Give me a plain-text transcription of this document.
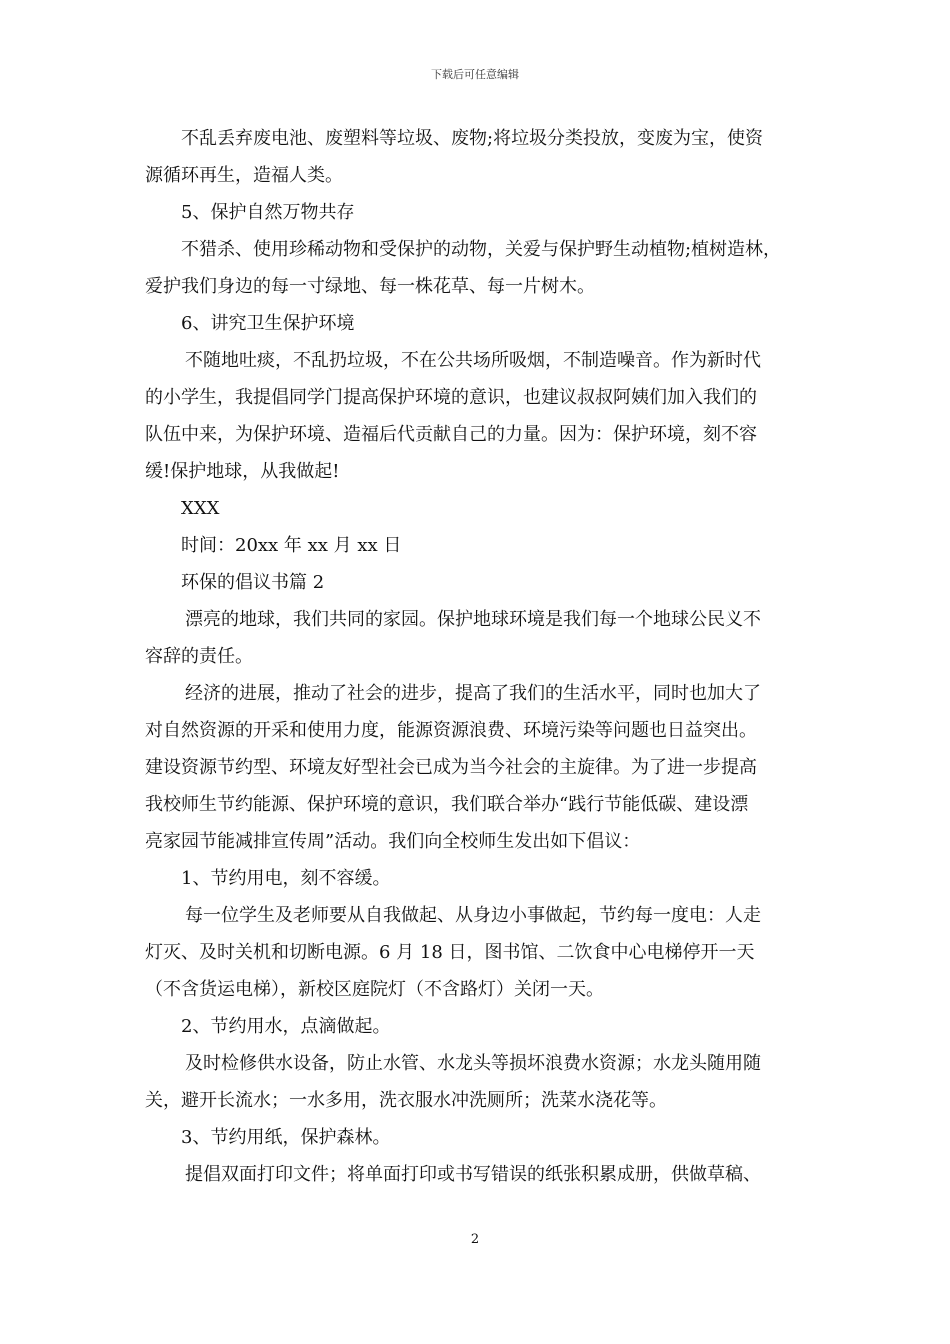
下载后可任意编辑
不乱丢弃废电池、废塑料等垃圾、废物;将垃圾分类投放，变废为宝，使资
源循环再生，造福人类。
5、保护自然万物共存
不猎杀、使用珍稀动物和受保护的动物，关爱与保护野生动植物;植树造林，
爱护我们身边的每一寸绿地、每一株花草、每一片树木。
6、讲究卫生保护环境
不随地吐痰，不乱扔垃圾，不在公共场所吸烟，不制造噪音。作为新时代
的小学生，我提倡同学门提高保护环境的意识，也建议叔叔阿姨们加入我们的
队伍中来，为保护环境、造福后代贡献自己的力量。因为：保护环境，刻不容
缓!保护地球，从我做起!
XXX
时间：20xx 年 xx 月 xx 日
环保的倡议书篇 2
漂亮的地球，我们共同的家园。保护地球环境是我们每一个地球公民义不
容辞的责任。
经济的进展，推动了社会的进步，提高了我们的生活水平，同时也加大了
对自然资源的开采和使用力度，能源资源浪费、环境污染等问题也日益突出。
建设资源节约型、环境友好型社会已成为当今社会的主旋律。为了进一步提高
我校师生节约能源、保护环境的意识，我们联合举办“践行节能低碳、建设漂
亮家园节能减排宣传周”活动。我们向全校师生发出如下倡议：
1、节约用电，刻不容缓。
每一位学生及老师要从自我做起、从身边小事做起，节约每一度电：人走
灯灭、及时关机和切断电源。6 月 18 日，图书馆、二饮食中心电梯停开一天
（不含货运电梯），新校区庭院灯（不含路灯）关闭一天。
2、节约用水，点滴做起。
及时检修供水设备，防止水管、水龙头等损坏浪费水资源；水龙头随用随
关，避开长流水；一水多用，洗衣服水冲洗厕所；洗菜水浇花等。
3、节约用纸，保护森林。
提倡双面打印文件；将单面打印或书写错误的纸张积累成册，供做草稿、
2
